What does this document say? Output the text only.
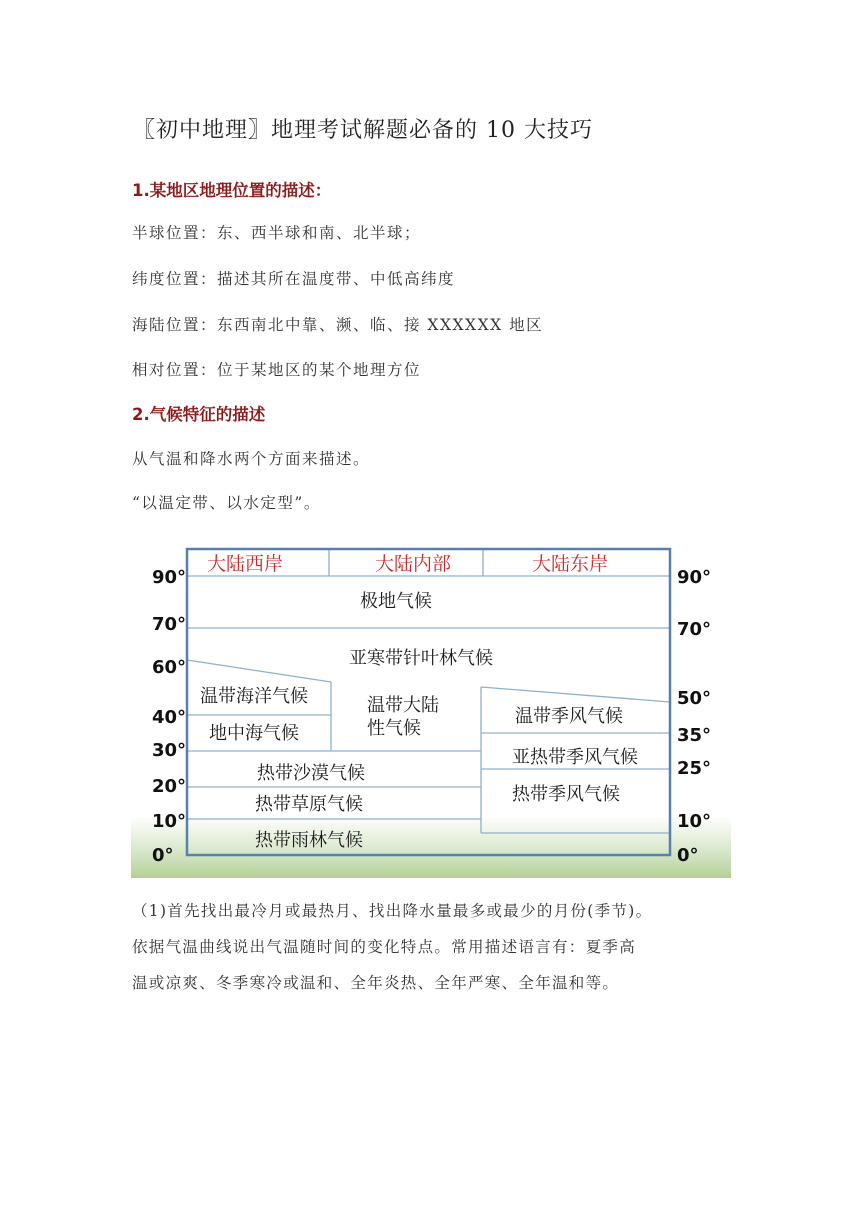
〖初中地理〗地理考试解题必备的 10 大技巧
1.某地区地理位置的描述：

半球位置：东、西半球和南、北半球；

纬度位置：描述其所在温度带、中低高纬度

海陆位置：东西南北中靠、濒、临、接 XXXXXX 地区

相对位置：位于某地区的某个地理方位

2.气候特征的描述

从气温和降水两个方面来描述。

“以温定带、以水定型”。

大陆西岸	大陆内部	大陆东岸
极地气候
亚寒带针叶林气候
温带海洋气候
地中海气候
温带大陆
性气候
温带季风气候
亚热带季风气候
热带沙漠气候
热带草原气候	热带季风气候
热带雨林气候
90°
70°
60°
40°
30°
20°
10°
0°
90°
70°
50°
35°
25°
10°
0°
（1)首先找出最冷月或最热月、找出降水量最多或最少的月份(季节)。
依据气温曲线说出气温随时间的变化特点。常用描述语言有：夏季高
温或凉爽、冬季寒冷或温和、全年炎热、全年严寒、全年温和等。
